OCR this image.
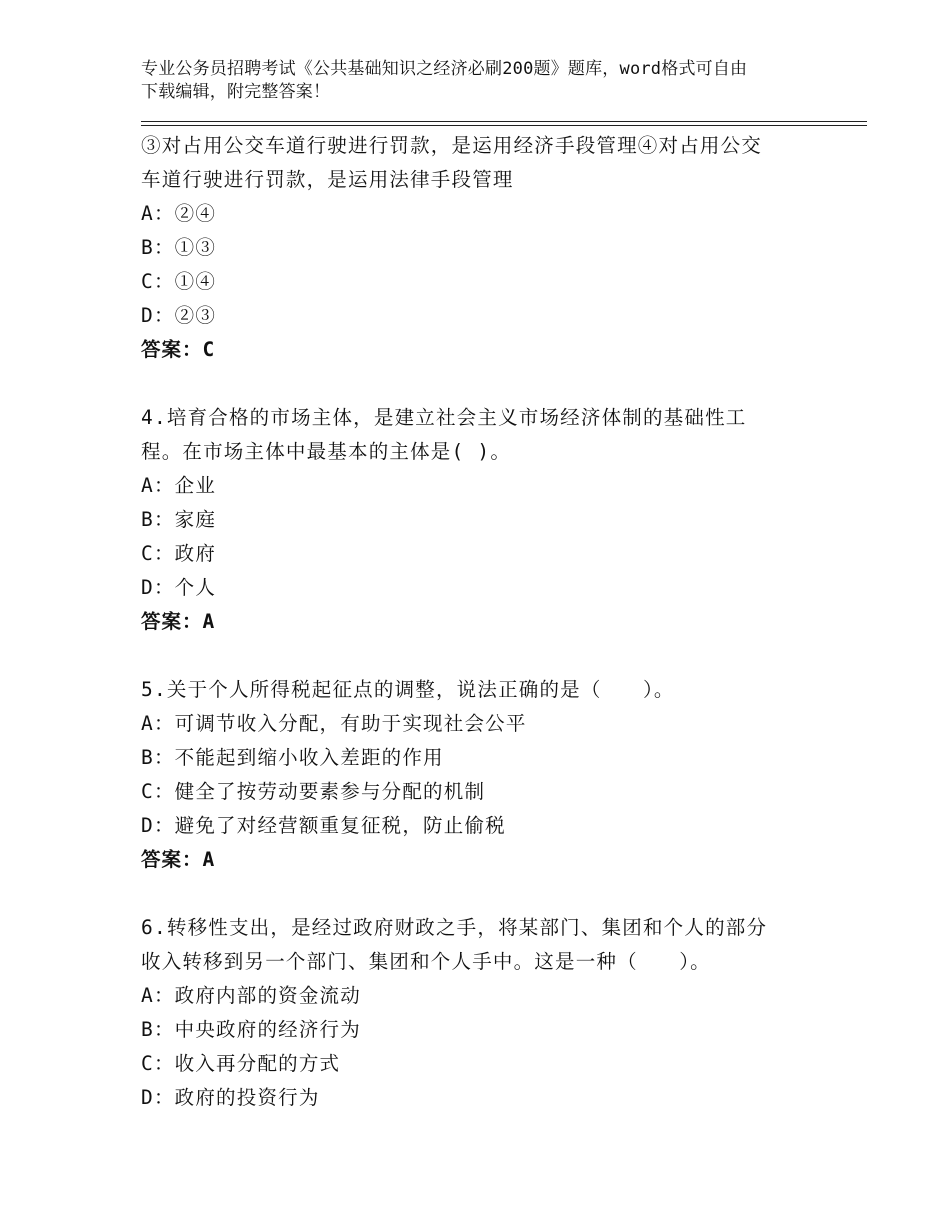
专业公务员招聘考试《公共基础知识之经济必刷200题》题库，word格式可自由
下载编辑，附完整答案！
③对占用公交车道行驶进行罚款，是运用经济手段管理④对占用公交
车道行驶进行罚款，是运用法律手段管理
A：②④
B：①③
C：①④
D：②③
答案：C
4.培育合格的市场主体，是建立社会主义市场经济体制的基础性工
程。在市场主体中最基本的主体是( )。
A：企业
B：家庭
C：政府
D：个人
答案：A
5.关于个人所得税起征点的调整，说法正确的是（　　）。
A：可调节收入分配，有助于实现社会公平
B：不能起到缩小收入差距的作用
C：健全了按劳动要素参与分配的机制
D：避免了对经营额重复征税，防止偷税
答案：A
6.转移性支出，是经过政府财政之手，将某部门、集团和个人的部分
收入转移到另一个部门、集团和个人手中。这是一种（　　）。
A：政府内部的资金流动
B：中央政府的经济行为
C：收入再分配的方式
D：政府的投资行为
